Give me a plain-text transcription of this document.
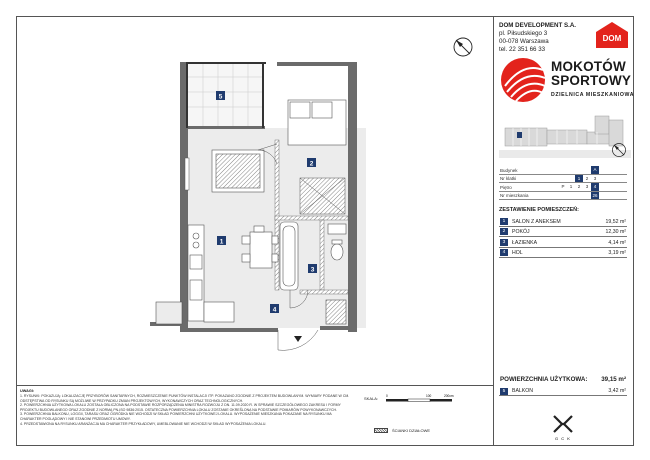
DOM DEVELOPMENT S.A.
pl. Piłsudskiego 3
00-078 Warszawa
tel. 22 351 66 33
DOM
MOKOTÓW
SPORTOWY
DZIELNICA MIESZKANIOWA
Budynek	A
Nr klatki	1	2	3
Piętro	P	1	2	3	4
Nr mieszkania	26
ZESTAWIENIE POMIESZCZEŃ:
1	SALON Z ANEKSEM	19,52 m²
2	POKÓJ	12,30 m²
3	ŁAZIENKA	4,14 m²
4	HOL	3,19 m²
POWIERZCHNIA UŻYTKOWA: 39,15 m²
5	BALKON	3,42 m²
G C K
UWAGI:
1. RYSUNKI: POKAZUJĄ: LOKALIZACJĘ PRZYBORÓW SANITARNYCH, ROZMIESZCZENIE PUNKTÓW INSTALACJI ITP. POKAZANO ZGODNIE Z PROJEKTEM BUDOWLANYM. WYMIARY PODANE W CM. ODSTĘPSTWA OD RYSUNKU SĄ MOŻLIWE W PRZYPADKU ZMIAN PROJEKTOWYCH, WYKONAWCZYCH ORAZ TECHNOLOGICZNYCH.
2. POWIERZCHNIA UŻYTKOWA LOKALU ZOSTAŁA OBLICZONA NA PODSTAWIE ROZPORZĄDZENIA MINISTRA ROZWOJU Z DN. 11.09.2020 R. W SPRAWIE SZCZEGÓŁOWEGO ZAKRESU I FORMY PROJEKTU BUDOWLANEGO ORAZ ZGODNIE Z NORMĄ PN-ISO 9836:2015. OSTATECZNA POWIERZCHNIA LOKALU ZOSTANIE OKREŚLONA NA PODSTAWIE POMIARÓW POWYKONAWCZYCH.
3. POWIERZCHNIA BALKONU, LOGGII, TARASU ORAZ OGRÓDKA NIE WCHODZI W SKŁAD POWIERZCHNI UŻYTKOWEJ LOKALU. WYPOSAŻENIE MIESZKANIA POKAZANE NA RYSUNKU MA CHARAKTER POGLĄDOWY I NIE STANOWI PRZEDMIOTU UMOWY.
4. PRZEDSTAWIONA NA RYSUNKU ARANŻACJA MA CHARAKTER PRZYKŁADOWY, UMEBLOWANIE NIE WCHODZI W SKŁAD WYPOSAŻENIA LOKALU.
SKALA: 0	100	200cm
ŚCIANKI DZIAŁOWE
5
2
1
3
4
